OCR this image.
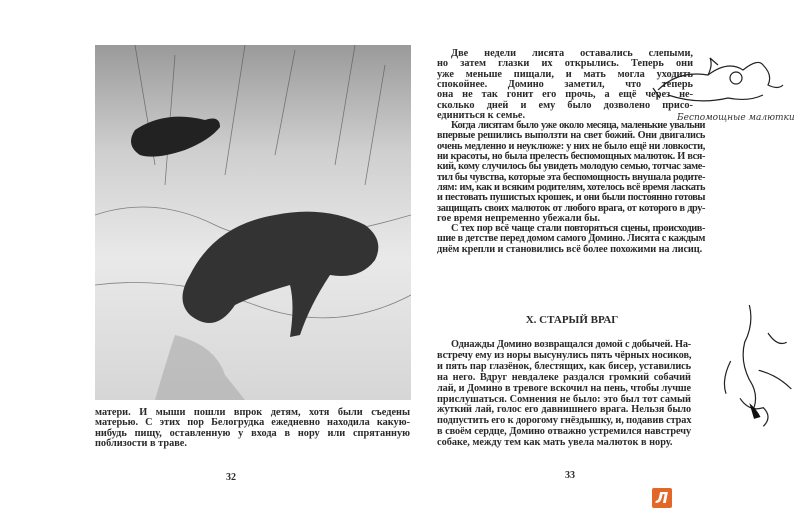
матери. И мыши пошли впрок детям, хотя были съедены
матерью. С этих пор Белогрудка ежедневно находила какую-
нибудь пищу, оставленную у входа в нору или спрятанную
поблизости в траве.
32
Две недели лисята оставались слепыми,
но затем глазки их открылись. Теперь они
уже меньше пищали, и мать могла уходить
спокойнее. Домино заметил, что теперь
она не так гонит его прочь, а ещё через не-
сколько дней и ему было дозволено присо-
единиться к семье.	Беспомощные малютки
Когда лисятам было уже около месяца, маленькие увальни
впервые решились выползти на свет божий. Они двигались
очень медленно и неуклюже: у них не было ещё ни ловкости,
ни красоты, но была прелесть беспомощных малюток. И вся-
кий, кому случилось бы увидеть молодую семью, тотчас заме-
тил бы чувства, которые эта беспомощность внушала родите-
лям: им, как и всяким родителям, хотелось всё время ласкать
и пестовать пушистых крошек, и они были постоянно готовы
защищать своих малюток от любого врага, от которого в дру-
гое время непременно убежали бы.
С тех пор всё чаще стали повторяться сцены, происходив-
шие в детстве перед домом самого Домино. Лисята с каждым
днём крепли и становились всё более похожими на лисиц.
X. СТАРЫЙ ВРАГ
Однажды Домино возвращался домой с добычей. На-
встречу ему из норы высунулись пять чёрных носиков,
и пять пар глазёнок, блестящих, как бисер, уставились
на него. Вдруг невдалеке раздался громкий собачий
лай, и Домино в тревоге вскочил на пень, чтобы лучше
прислушаться. Сомнения не было: это был тот самый
жуткий лай, голос его давнишнего врага. Нельзя было
подпустить его к дорогому гнёздышку, и, подавив страх
в своём сердце, Домино отважно устремился навстречу
собаке, между тем как мать увела малюток в нору.
33
Л
